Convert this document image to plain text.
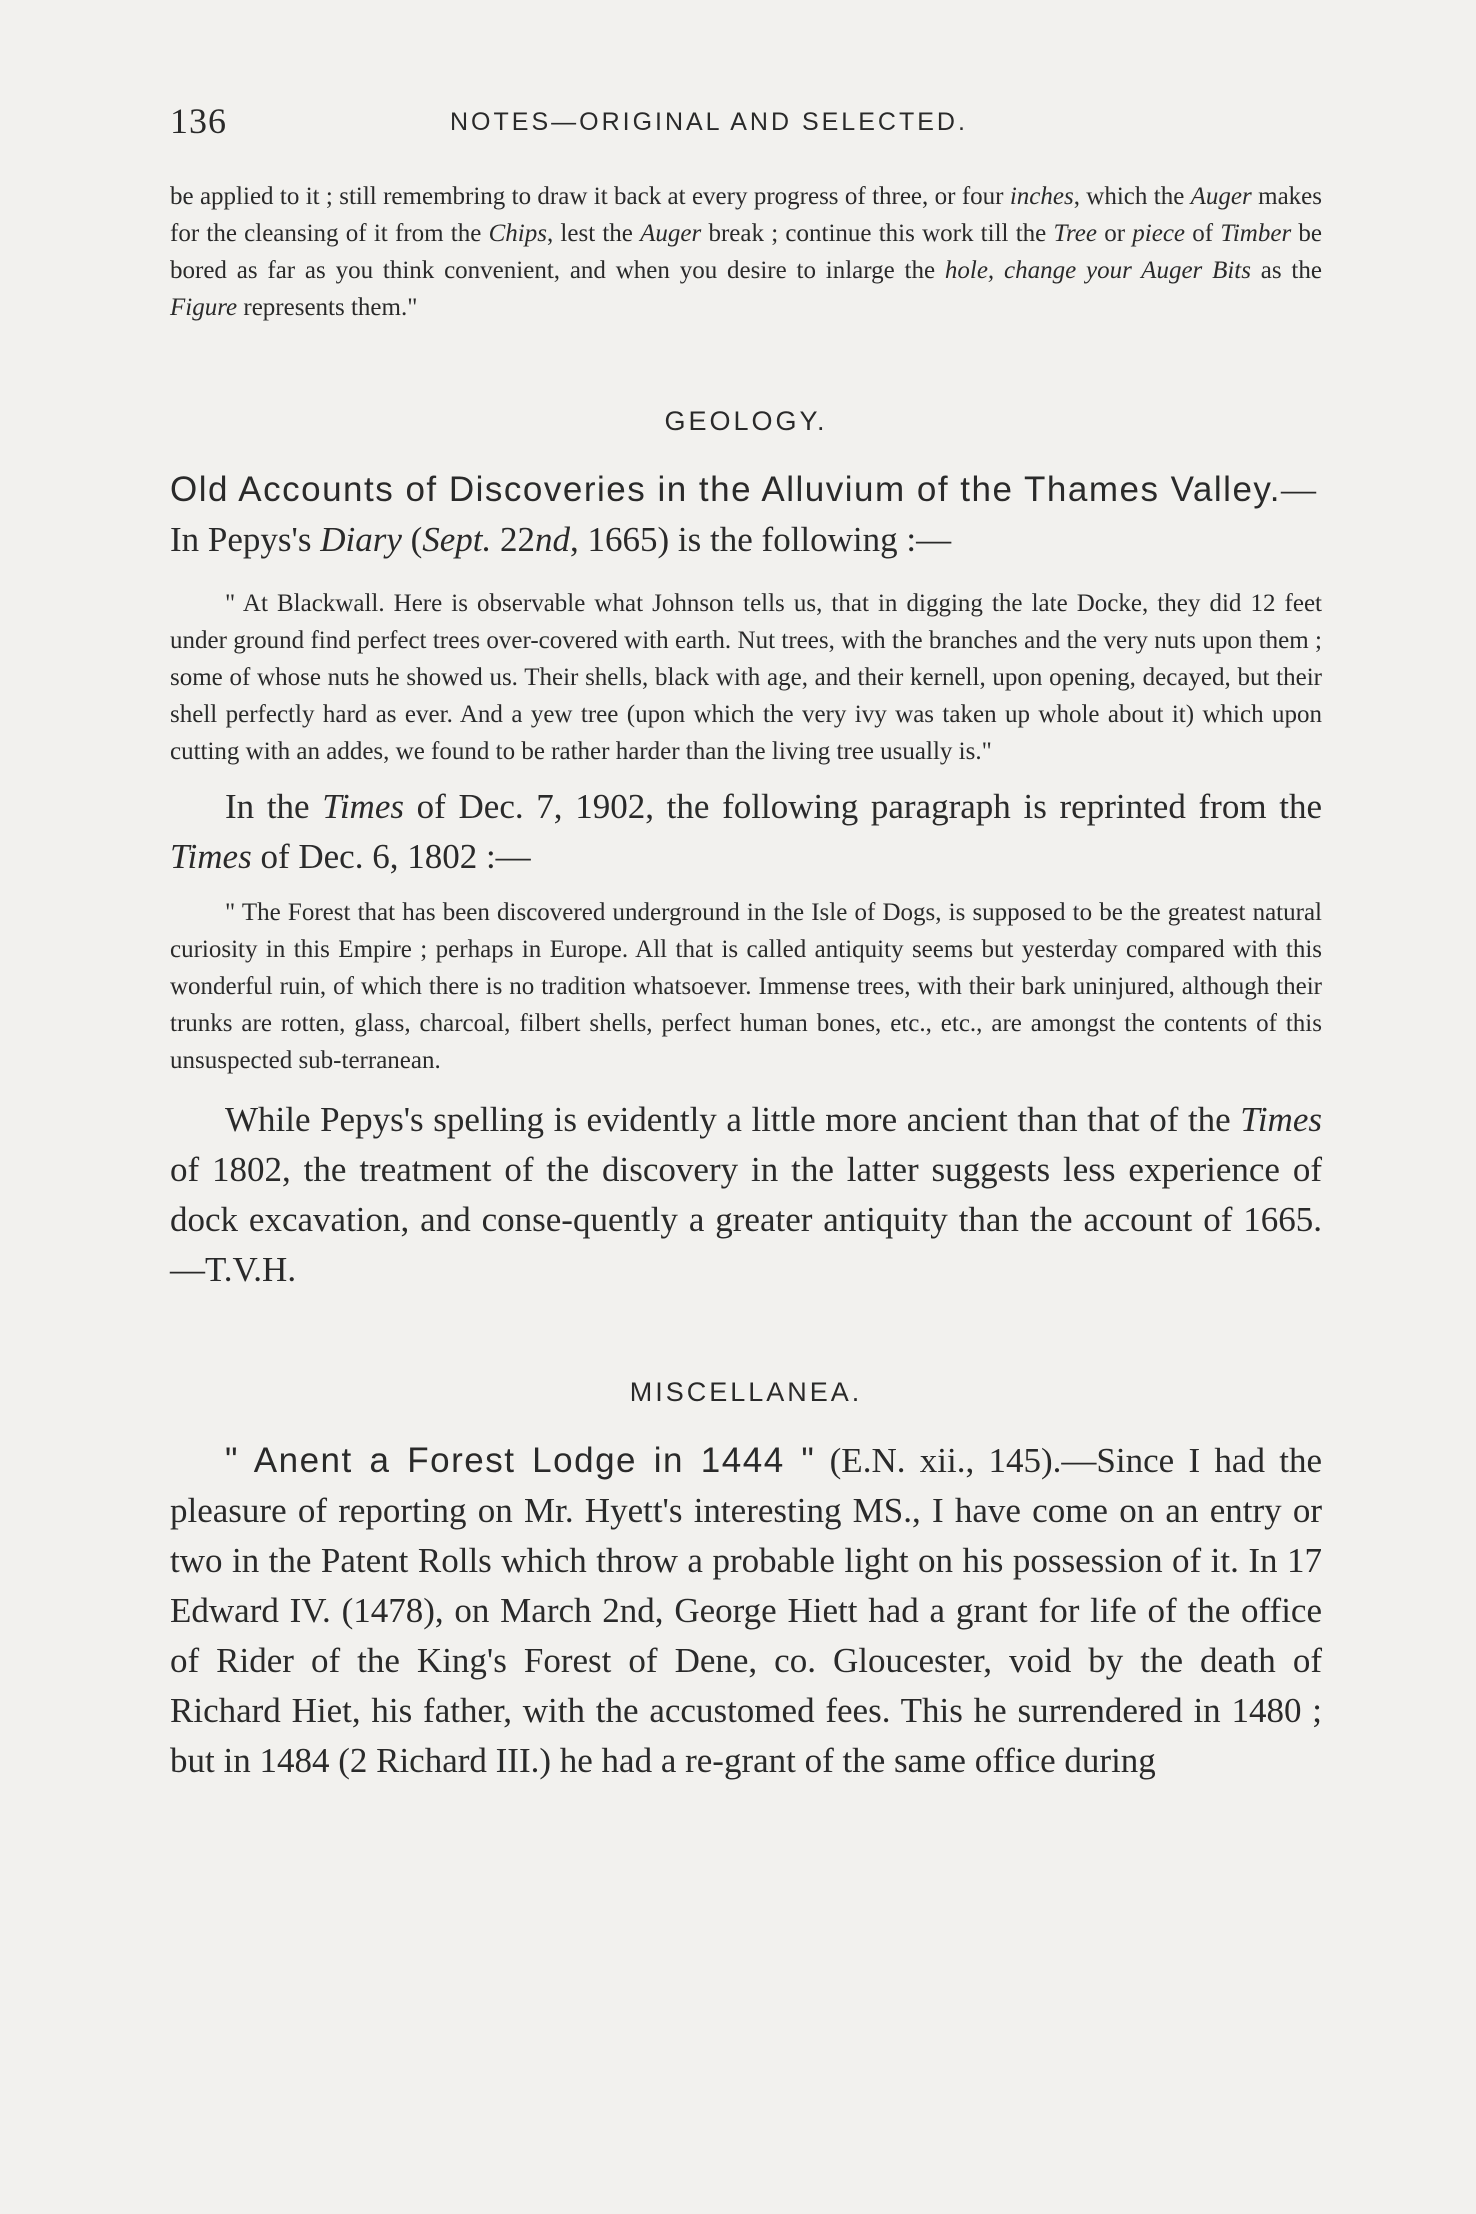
136	NOTES—ORIGINAL AND SELECTED.

be applied to it ; still remembring to draw it back at every progress of three, or four inches, which the Auger makes for the cleansing of it from the Chips, lest the Auger break ; continue this work till the Tree or piece of Timber be bored as far as you think convenient, and when you desire to inlarge the hole, change your Auger Bits as the Figure represents them."

GEOLOGY.

Old Accounts of Discoveries in the Alluvium of the Thames Valley.—In Pepys's Diary (Sept. 22nd, 1665) is the following :—

" At Blackwall. Here is observable what Johnson tells us, that in digging the late Docke, they did 12 feet under ground find perfect trees over-covered with earth. Nut trees, with the branches and the very nuts upon them ; some of whose nuts he showed us. Their shells, black with age, and their kernell, upon opening, decayed, but their shell perfectly hard as ever. And a yew tree (upon which the very ivy was taken up whole about it) which upon cutting with an addes, we found to be rather harder than the living tree usually is."

In the Times of Dec. 7, 1902, the following paragraph is reprinted from the Times of Dec. 6, 1802 :—

" The Forest that has been discovered underground in the Isle of Dogs, is supposed to be the greatest natural curiosity in this Empire ; perhaps in Europe. All that is called antiquity seems but yesterday compared with this wonderful ruin, of which there is no tradition whatsoever. Immense trees, with their bark uninjured, although their trunks are rotten, glass, charcoal, filbert shells, perfect human bones, etc., etc., are amongst the contents of this unsuspected sub-terranean.

While Pepys's spelling is evidently a little more ancient than that of the Times of 1802, the treatment of the discovery in the latter suggests less experience of dock excavation, and conse-quently a greater antiquity than the account of 1665.—T.V.H.

MISCELLANEA.

" Anent a Forest Lodge in 1444 " (E.N. xii., 145).—Since I had the pleasure of reporting on Mr. Hyett's interesting MS., I have come on an entry or two in the Patent Rolls which throw a probable light on his possession of it. In 17 Edward IV. (1478), on March 2nd, George Hiett had a grant for life of the office of Rider of the King's Forest of Dene, co. Gloucester, void by the death of Richard Hiet, his father, with the accustomed fees. This he surrendered in 1480 ; but in 1484 (2 Richard III.) he had a re-grant of the same office during
